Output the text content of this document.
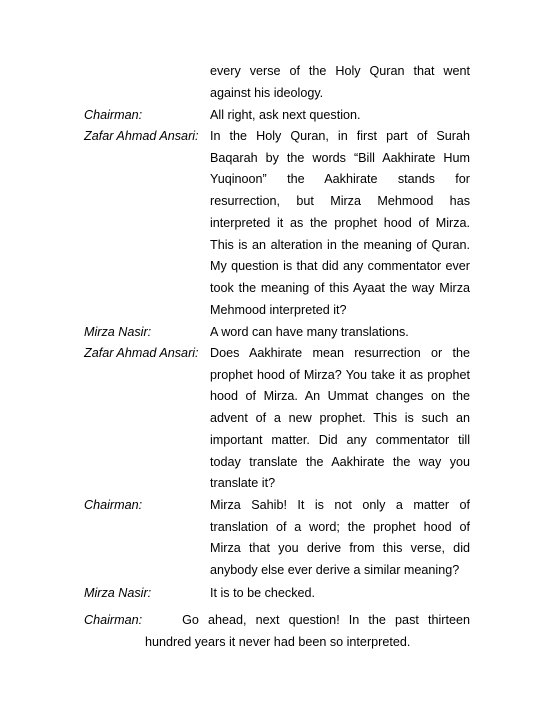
every verse of the Holy Quran that went against his ideology.
Chairman:	All right, ask next question.
Zafar Ahmad Ansari: In the Holy Quran, in first part of Surah Baqarah by the words “Bill Aakhirate Hum Yuqinoon” the Aakhirate stands for resurrection, but Mirza Mehmood has interpreted it as the prophet hood of Mirza. This is an alteration in the meaning of Quran. My question is that did any commentator ever took the meaning of this Ayaat the way Mirza Mehmood interpreted it?
Mirza Nasir:	A word can have many translations.
Zafar Ahmad Ansari: Does Aakhirate mean resurrection or the prophet hood of Mirza? You take it as prophet hood of Mirza. An Ummat changes on the advent of a new prophet. This is such an important matter. Did any commentator till today translate the Aakhirate the way you translate it?
Chairman:	Mirza Sahib! It is not only a matter of translation of a word; the prophet hood of Mirza that you derive from this verse, did anybody else ever derive a similar meaning?
Mirza Nasir:	It is to be checked.
Chairman:	Go ahead, next question! In the past thirteen
hundred years it never had been so interpreted.
